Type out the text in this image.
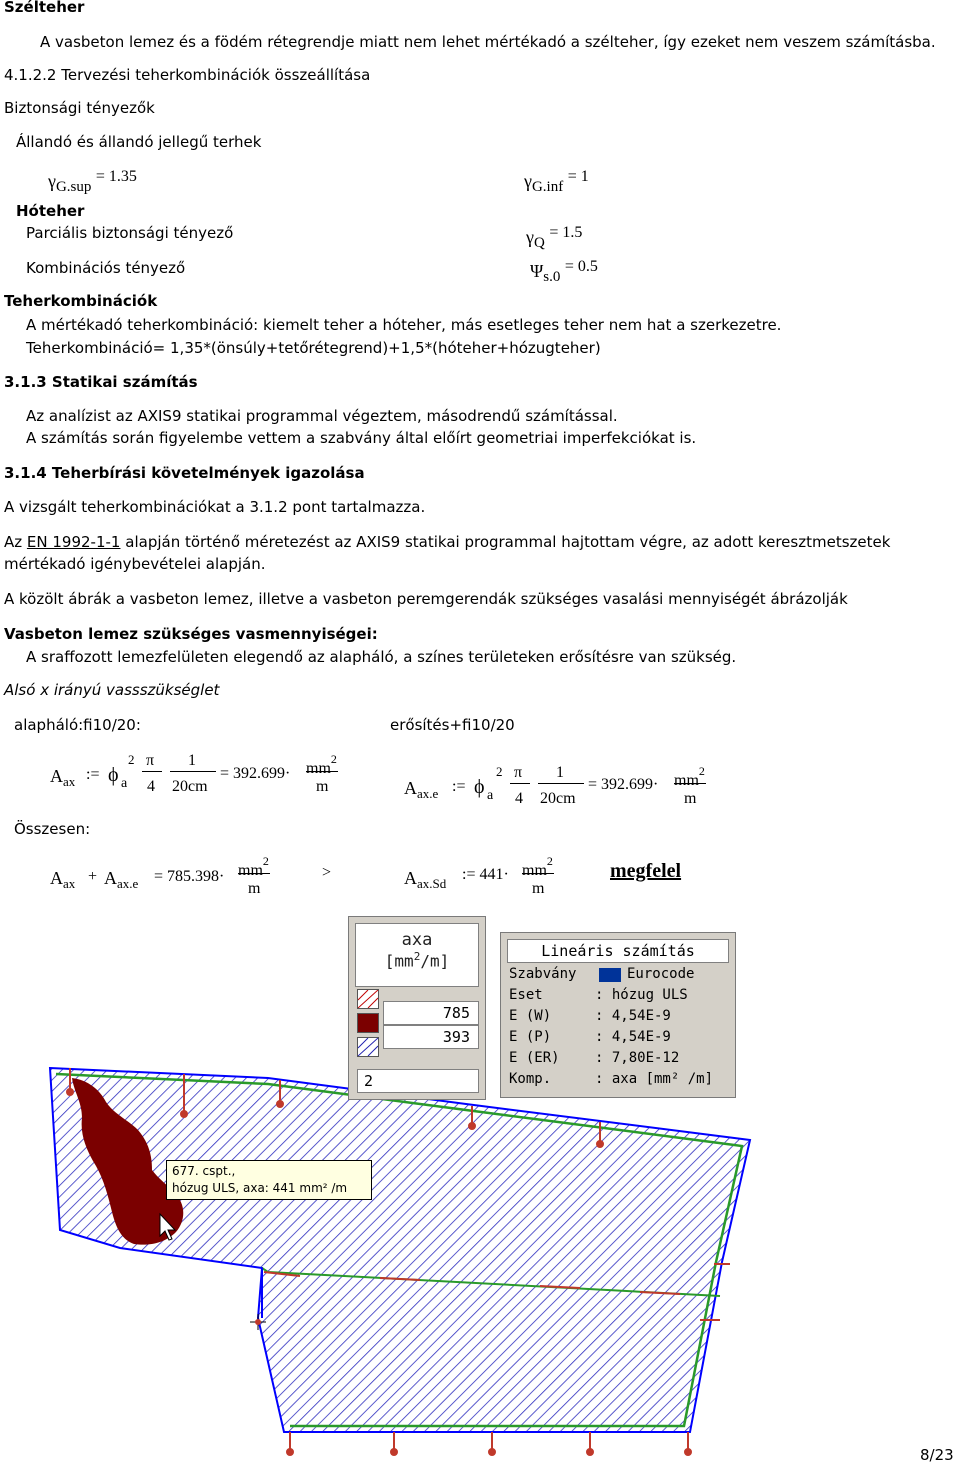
Szélteher
A vasbeton lemez és a födém rétegrendje miatt nem lehet mértékadó a szélteher, így ezeket nem veszem számításba.
4.1.2.2 Tervezési teherkombinációk összeállítása
Biztonsági tényezők
Állandó és állandó jellegű terhek
$\gamma_{G.sup} = 1.35$	$\gamma_{G.inf} = 1$
Hóteher
Parciális biztonsági tényező	$\gamma_Q = 1.5$
Kombinációs tényező	$\Psi_{s.0} = 0.5$
Teherkombinációk
A mértékadó teherkombináció: kiemelt teher a hóteher, más esetleges teher nem hat a szerkezetre.
Teherkombináció= 1,35*(önsúly+tetőrétegrend)+1,5*(hóteher+hózugteher)
3.1.3 Statikai számítás
Az analízist az AXIS9 statikai programmal végeztem, másodrendű számítással.
A számítás során figyelembe vettem a szabvány által előírt geometriai imperfekciókat is.
3.1.4 Teherbírási követelmények igazolása
A vizsgált teherkombinációkat a 3.1.2 pont tartalmazza.
Az EN 1992-1-1 alapján történő méretezést az AXIS9 statikai programmal hajtottam végre, az adott keresztmetszetek
mértékadó igénybevételei alapján.
A közölt ábrák a vasbeton lemez, illetve a vasbeton peremgerendák szükséges vasalási mennyiségét ábrázolják
Vasbeton lemez szükséges vasmennyiségei:
A sraffozott lemezfelületen elegendő az alapháló, a színes területeken erősítésre van szükség.
Alsó x irányú vassszükséglet
alapháló:fi10/20:	erősítés+fi10/20
$A_{ax}$ := ϕ a
2 π
4
1
20cm
= $392.699\cdot mm^2$
m	$A_{ax.e}$ := ϕ a
2 π
4
1
20cm
= $392.699\cdot mm^2$
m
Összesen:
$A_{ax} + A_{ax.e} = 785.398\cdot mm^2$
m
>	$A_{ax.Sd}$
:= $441\cdot mm^2$
m
megfelel
677. cspt.,
hózug ULS, axa: 441 mm² /m
axa
$[mm^2/m]$
785
393
2
Lineáris számítás
Szabvány	Eurocode
Eset	: hózug ULS
E (W)	: 4,54E-9
E (P)	: 4,54E-9
E (ER)	: 7,80E-12
Komp.	: axa [mm² /m]
8/23
